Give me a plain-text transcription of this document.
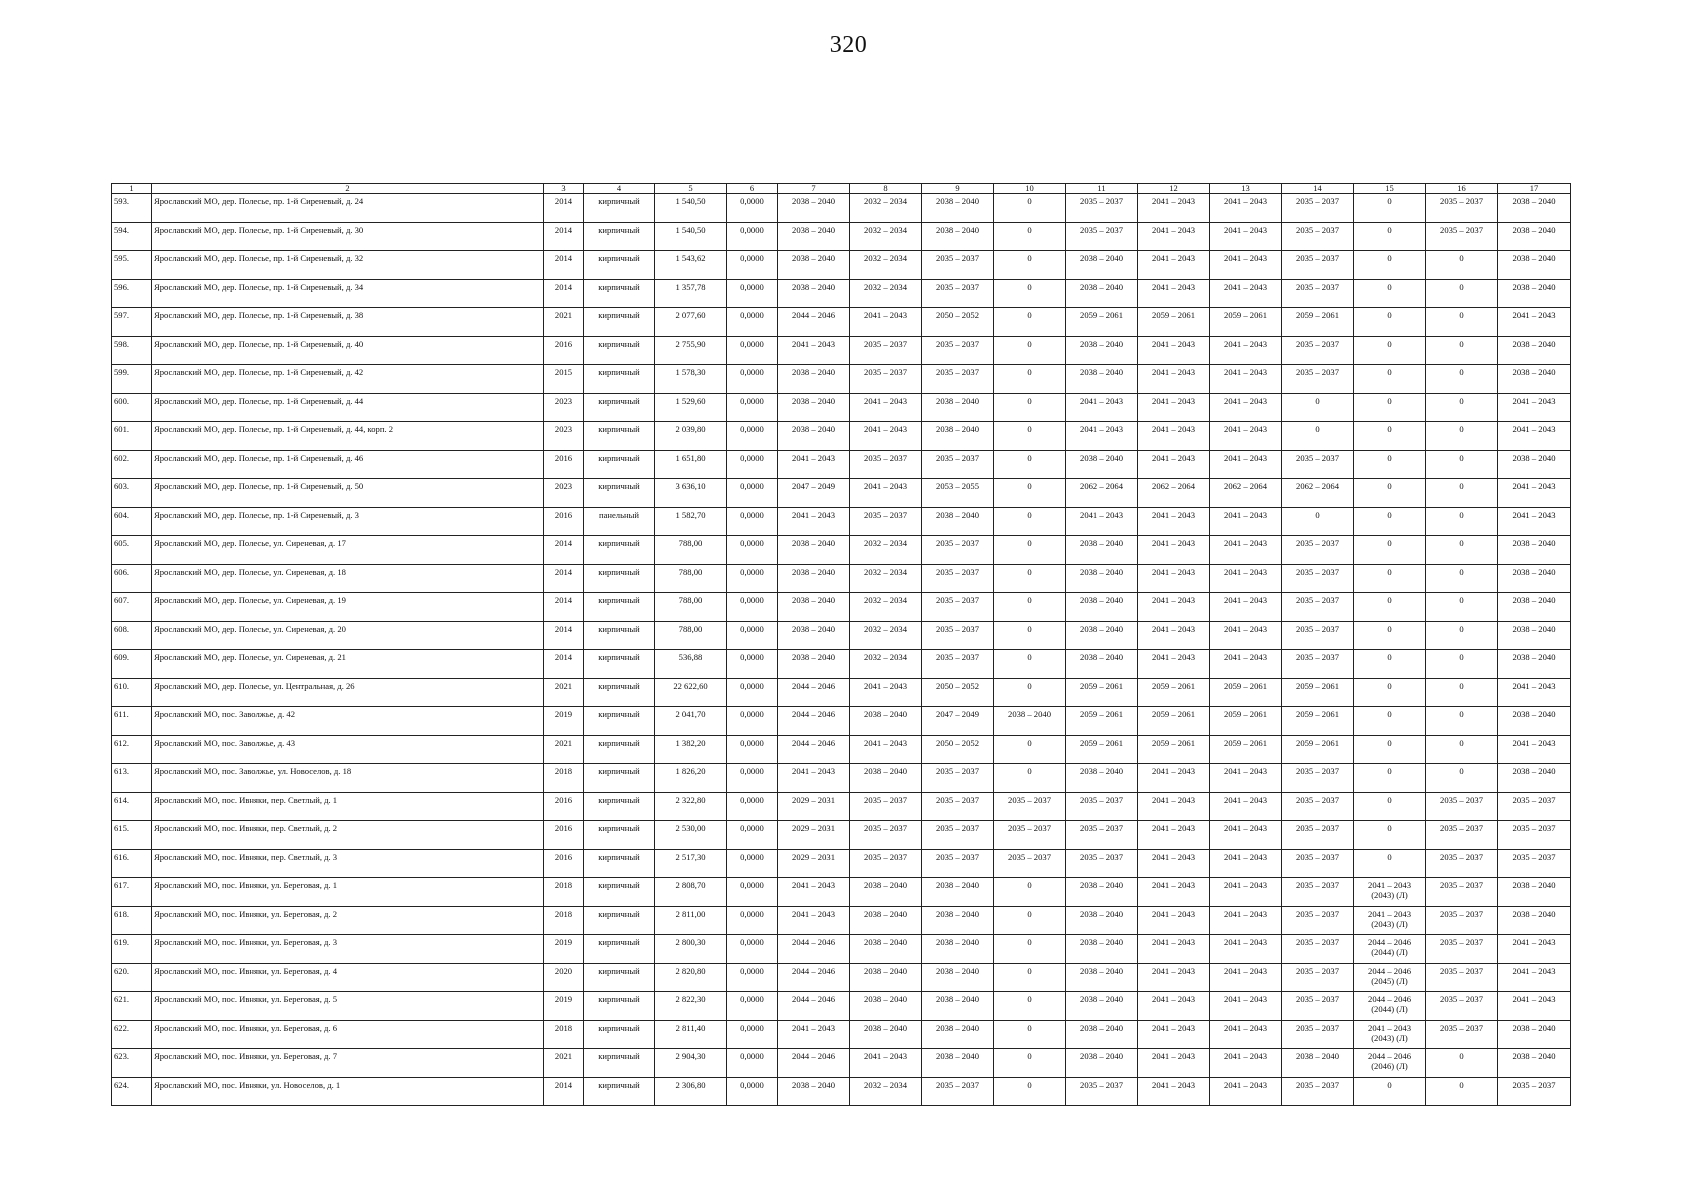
320
1	2	3	4	5	6	7	8	9	10	11	12	13	14	15	16	17
593.	Ярославский МО, дер. Полесье, пр. 1-й Сиреневый, д. 24	2014	кирпичный	1 540,50	0,0000	2038 – 2040	2032 – 2034	2038 – 2040	0	2035 – 2037	2041 – 2043	2041 – 2043	2035 – 2037	0	2035 – 2037	2038 – 2040
594.	Ярославский МО, дер. Полесье, пр. 1-й Сиреневый, д. 30	2014	кирпичный	1 540,50	0,0000	2038 – 2040	2032 – 2034	2038 – 2040	0	2035 – 2037	2041 – 2043	2041 – 2043	2035 – 2037	0	2035 – 2037	2038 – 2040
595.	Ярославский МО, дер. Полесье, пр. 1-й Сиреневый, д. 32	2014	кирпичный	1 543,62	0,0000	2038 – 2040	2032 – 2034	2035 – 2037	0	2038 – 2040	2041 – 2043	2041 – 2043	2035 – 2037	0	0	2038 – 2040
596.	Ярославский МО, дер. Полесье, пр. 1-й Сиреневый, д. 34	2014	кирпичный	1 357,78	0,0000	2038 – 2040	2032 – 2034	2035 – 2037	0	2038 – 2040	2041 – 2043	2041 – 2043	2035 – 2037	0	0	2038 – 2040
597.	Ярославский МО, дер. Полесье, пр. 1-й Сиреневый, д. 38	2021	кирпичный	2 077,60	0,0000	2044 – 2046	2041 – 2043	2050 – 2052	0	2059 – 2061	2059 – 2061	2059 – 2061	2059 – 2061	0	0	2041 – 2043
598.	Ярославский МО, дер. Полесье, пр. 1-й Сиреневый, д. 40	2016	кирпичный	2 755,90	0,0000	2041 – 2043	2035 – 2037	2035 – 2037	0	2038 – 2040	2041 – 2043	2041 – 2043	2035 – 2037	0	0	2038 – 2040
599.	Ярославский МО, дер. Полесье, пр. 1-й Сиреневый, д. 42	2015	кирпичный	1 578,30	0,0000	2038 – 2040	2035 – 2037	2035 – 2037	0	2038 – 2040	2041 – 2043	2041 – 2043	2035 – 2037	0	0	2038 – 2040
600.	Ярославский МО, дер. Полесье, пр. 1-й Сиреневый, д. 44	2023	кирпичный	1 529,60	0,0000	2038 – 2040	2041 – 2043	2038 – 2040	0	2041 – 2043	2041 – 2043	2041 – 2043	0	0	0	2041 – 2043
601.	Ярославский МО, дер. Полесье, пр. 1-й Сиреневый, д. 44, корп. 2	2023	кирпичный	2 039,80	0,0000	2038 – 2040	2041 – 2043	2038 – 2040	0	2041 – 2043	2041 – 2043	2041 – 2043	0	0	0	2041 – 2043
602.	Ярославский МО, дер. Полесье, пр. 1-й Сиреневый, д. 46	2016	кирпичный	1 651,80	0,0000	2041 – 2043	2035 – 2037	2035 – 2037	0	2038 – 2040	2041 – 2043	2041 – 2043	2035 – 2037	0	0	2038 – 2040
603.	Ярославский МО, дер. Полесье, пр. 1-й Сиреневый, д. 50	2023	кирпичный	3 636,10	0,0000	2047 – 2049	2041 – 2043	2053 – 2055	0	2062 – 2064	2062 – 2064	2062 – 2064	2062 – 2064	0	0	2041 – 2043
604.	Ярославский МО, дер. Полесье, пр. 1-й Сиреневый, д. 3	2016	панельный	1 582,70	0,0000	2041 – 2043	2035 – 2037	2038 – 2040	0	2041 – 2043	2041 – 2043	2041 – 2043	0	0	0	2041 – 2043
605.	Ярославский МО, дер. Полесье, ул. Сиреневая, д. 17	2014	кирпичный	788,00	0,0000	2038 – 2040	2032 – 2034	2035 – 2037	0	2038 – 2040	2041 – 2043	2041 – 2043	2035 – 2037	0	0	2038 – 2040
606.	Ярославский МО, дер. Полесье, ул. Сиреневая, д. 18	2014	кирпичный	788,00	0,0000	2038 – 2040	2032 – 2034	2035 – 2037	0	2038 – 2040	2041 – 2043	2041 – 2043	2035 – 2037	0	0	2038 – 2040
607.	Ярославский МО, дер. Полесье, ул. Сиреневая, д. 19	2014	кирпичный	788,00	0,0000	2038 – 2040	2032 – 2034	2035 – 2037	0	2038 – 2040	2041 – 2043	2041 – 2043	2035 – 2037	0	0	2038 – 2040
608.	Ярославский МО, дер. Полесье, ул. Сиреневая, д. 20	2014	кирпичный	788,00	0,0000	2038 – 2040	2032 – 2034	2035 – 2037	0	2038 – 2040	2041 – 2043	2041 – 2043	2035 – 2037	0	0	2038 – 2040
609.	Ярославский МО, дер. Полесье, ул. Сиреневая, д. 21	2014	кирпичный	536,88	0,0000	2038 – 2040	2032 – 2034	2035 – 2037	0	2038 – 2040	2041 – 2043	2041 – 2043	2035 – 2037	0	0	2038 – 2040
610.	Ярославский МО, дер. Полесье, ул. Центральная, д. 26	2021	кирпичный	22 622,60	0,0000	2044 – 2046	2041 – 2043	2050 – 2052	0	2059 – 2061	2059 – 2061	2059 – 2061	2059 – 2061	0	0	2041 – 2043
611.	Ярославский МО, пос. Заволжье, д. 42	2019	кирпичный	2 041,70	0,0000	2044 – 2046	2038 – 2040	2047 – 2049	2038 – 2040	2059 – 2061	2059 – 2061	2059 – 2061	2059 – 2061	0	0	2038 – 2040
612.	Ярославский МО, пос. Заволжье, д. 43	2021	кирпичный	1 382,20	0,0000	2044 – 2046	2041 – 2043	2050 – 2052	0	2059 – 2061	2059 – 2061	2059 – 2061	2059 – 2061	0	0	2041 – 2043
613.	Ярославский МО, пос. Заволжье, ул. Новоселов, д. 18	2018	кирпичный	1 826,20	0,0000	2041 – 2043	2038 – 2040	2035 – 2037	0	2038 – 2040	2041 – 2043	2041 – 2043	2035 – 2037	0	0	2038 – 2040
614.	Ярославский МО, пос. Ивняки, пер. Светлый, д. 1	2016	кирпичный	2 322,80	0,0000	2029 – 2031	2035 – 2037	2035 – 2037	2035 – 2037	2035 – 2037	2041 – 2043	2041 – 2043	2035 – 2037	0	2035 – 2037	2035 – 2037
615.	Ярославский МО, пос. Ивняки, пер. Светлый, д. 2	2016	кирпичный	2 530,00	0,0000	2029 – 2031	2035 – 2037	2035 – 2037	2035 – 2037	2035 – 2037	2041 – 2043	2041 – 2043	2035 – 2037	0	2035 – 2037	2035 – 2037
616.	Ярославский МО, пос. Ивняки, пер. Светлый, д. 3	2016	кирпичный	2 517,30	0,0000	2029 – 2031	2035 – 2037	2035 – 2037	2035 – 2037	2035 – 2037	2041 – 2043	2041 – 2043	2035 – 2037	0	2035 – 2037	2035 – 2037
617.	Ярославский МО, пос. Ивняки, ул. Береговая, д. 1	2018	кирпичный	2 808,70	0,0000	2041 – 2043	2038 – 2040	2038 – 2040	0	2038 – 2040	2041 – 2043	2041 – 2043	2035 – 2037	2041 – 2043 (2043) (Л)	2035 – 2037	2038 – 2040
618.	Ярославский МО, пос. Ивняки, ул. Береговая, д. 2	2018	кирпичный	2 811,00	0,0000	2041 – 2043	2038 – 2040	2038 – 2040	0	2038 – 2040	2041 – 2043	2041 – 2043	2035 – 2037	2041 – 2043 (2043) (Л)	2035 – 2037	2038 – 2040
619.	Ярославский МО, пос. Ивняки, ул. Береговая, д. 3	2019	кирпичный	2 800,30	0,0000	2044 – 2046	2038 – 2040	2038 – 2040	0	2038 – 2040	2041 – 2043	2041 – 2043	2035 – 2037	2044 – 2046 (2044) (Л)	2035 – 2037	2041 – 2043
620.	Ярославский МО, пос. Ивняки, ул. Береговая, д. 4	2020	кирпичный	2 820,80	0,0000	2044 – 2046	2038 – 2040	2038 – 2040	0	2038 – 2040	2041 – 2043	2041 – 2043	2035 – 2037	2044 – 2046 (2045) (Л)	2035 – 2037	2041 – 2043
621.	Ярославский МО, пос. Ивняки, ул. Береговая, д. 5	2019	кирпичный	2 822,30	0,0000	2044 – 2046	2038 – 2040	2038 – 2040	0	2038 – 2040	2041 – 2043	2041 – 2043	2035 – 2037	2044 – 2046 (2044) (Л)	2035 – 2037	2041 – 2043
622.	Ярославский МО, пос. Ивняки, ул. Береговая, д. 6	2018	кирпичный	2 811,40	0,0000	2041 – 2043	2038 – 2040	2038 – 2040	0	2038 – 2040	2041 – 2043	2041 – 2043	2035 – 2037	2041 – 2043 (2043) (Л)	2035 – 2037	2038 – 2040
623.	Ярославский МО, пос. Ивняки, ул. Береговая, д. 7	2021	кирпичный	2 904,30	0,0000	2044 – 2046	2041 – 2043	2038 – 2040	0	2038 – 2040	2041 – 2043	2041 – 2043	2038 – 2040	2044 – 2046 (2046) (Л)	0	2038 – 2040
624.	Ярославский МО, пос. Ивняки, ул. Новоселов, д. 1	2014	кирпичный	2 306,80	0,0000	2038 – 2040	2032 – 2034	2035 – 2037	0	2035 – 2037	2041 – 2043	2041 – 2043	2035 – 2037	0	0	2035 – 2037
